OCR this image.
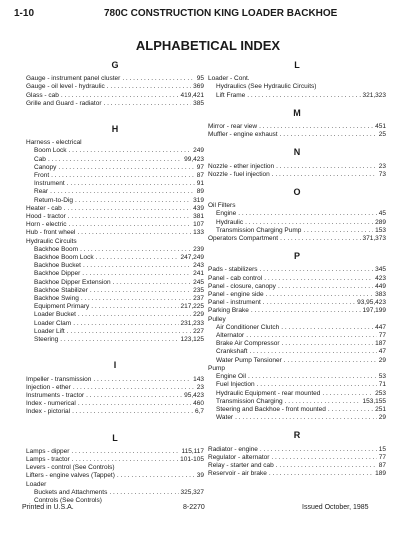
1-10	780C CONSTRUCTION KING LOADER BACKHOE
ALPHABETICAL INDEX
G
Gauge - instrument panel cluster . . .	95
Gauge - oil level - hydraulic . . .	369
Glass - cab . . .	419,421
Grille and Guard - radiator . . .	385
H
Harness - electrical
Boom Lock . . .	249
Cab . . .	99,423
Canopy . . .	97
Front . . .	87
Instrument . . .	91
Rear . . .	89
Return-to-Dig . . .	319
Heater - cab . . .	439
Hood - tractor . . .	381
Horn - electric . . .	107
Hub - front wheel . . .	133
Hydraulic Circuits
Backhoe Boom . . .	239
Backhoe Boom Lock . . .	247,249
Backhoe Bucket . . .	243
Backhoe Dipper . . .	241
Backhoe Dipper Extension . . .	245
Backhoe Stabilizer . . .	235
Backhoe Swing . . .	237
Equipment Primary . . .	217,225
Loader Bucket . . .	229
Loader Clam . . .	231,233
Loader Lift . . .	227
Steering . . .	123,125
I
Impeller - transmission . . .	143
Injection - ether . . .	23
Instruments - tractor . . .	95,423
Index - numerical . . .	460
Index - pictorial . . .	6,7
L
Lamps - dipper . . .	115,117
Lamps - tractor . . .	101-105
Levers - control (See Controls)
Lifters - engine valves (Tappet) . . .	39
Loader
Buckets and Attachments . . .	325,327
Controls (See Controls)
L
Loader - Cont.
Hydraulics (See Hydraulic Circuits)
Lift Frame . . .	321,323
M
Mirror - rear view . . .	451
Muffler - engine exhaust . . .	25
N
Nozzle - ether injection . . .	23
Nozzle - fuel injection . . .	73
O
Oil Filters
Engine . . .	45
Hydraulic . . .	289
Transmission Charging Pump . . .	153
Operators Compartment . . .	371,373
P
Pads - stabilizers . . .	345
Panel - cab control . . .	423
Panel - closure, canopy . . .	449
Panel - engine side . . .	383
Panel - instrument . . .	93,95,423
Parking Brake . . .	197,199
Pulley
Air Conditioner Clutch . . .	447
Alternator . . .	77
Brake Air Compressor . . .	187
Crankshaft . . .	47
Water Pump Tensioner . . .	29
Pump
Engine Oil . . .	53
Fuel Injection . . .	71
Hydraulic Equipment - rear mounted . . .	253
Transmission Charging . . .	153,155
Steering and Backhoe - front mounted . . .	251
Water . . .	29
R
Radiator - engine . . .	15
Regulator - alternator . . .	77
Relay - starter and cab . . .	87
Reservoir - air brake . . .	189
Printed in U.S.A.	8-2270	Issued October, 1985
